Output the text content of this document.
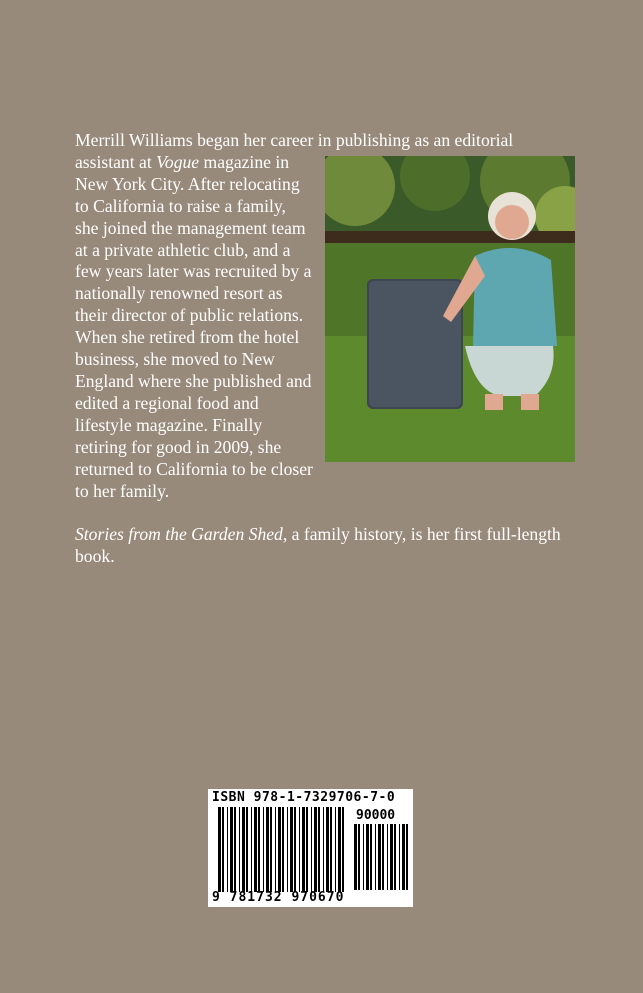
Merrill Williams began her career in publishing as an editorial assistant at
Vogue magazine in New York City. After relocating to California to raise a family, she joined the management team at a private athletic club, and a few years later was recruited by a nationally renowned resort as their director of public relations. When she retired from the hotel business, she moved to New England where she published and edited a regional food and lifestyle magazine. Finally retiring for good in 2009, she returned to California to be closer to her family.

Stories from the Garden Shed, a family history, is her first full-length book.

ISBN 978-1-7329706-7-0
90000
9 781732 970670
